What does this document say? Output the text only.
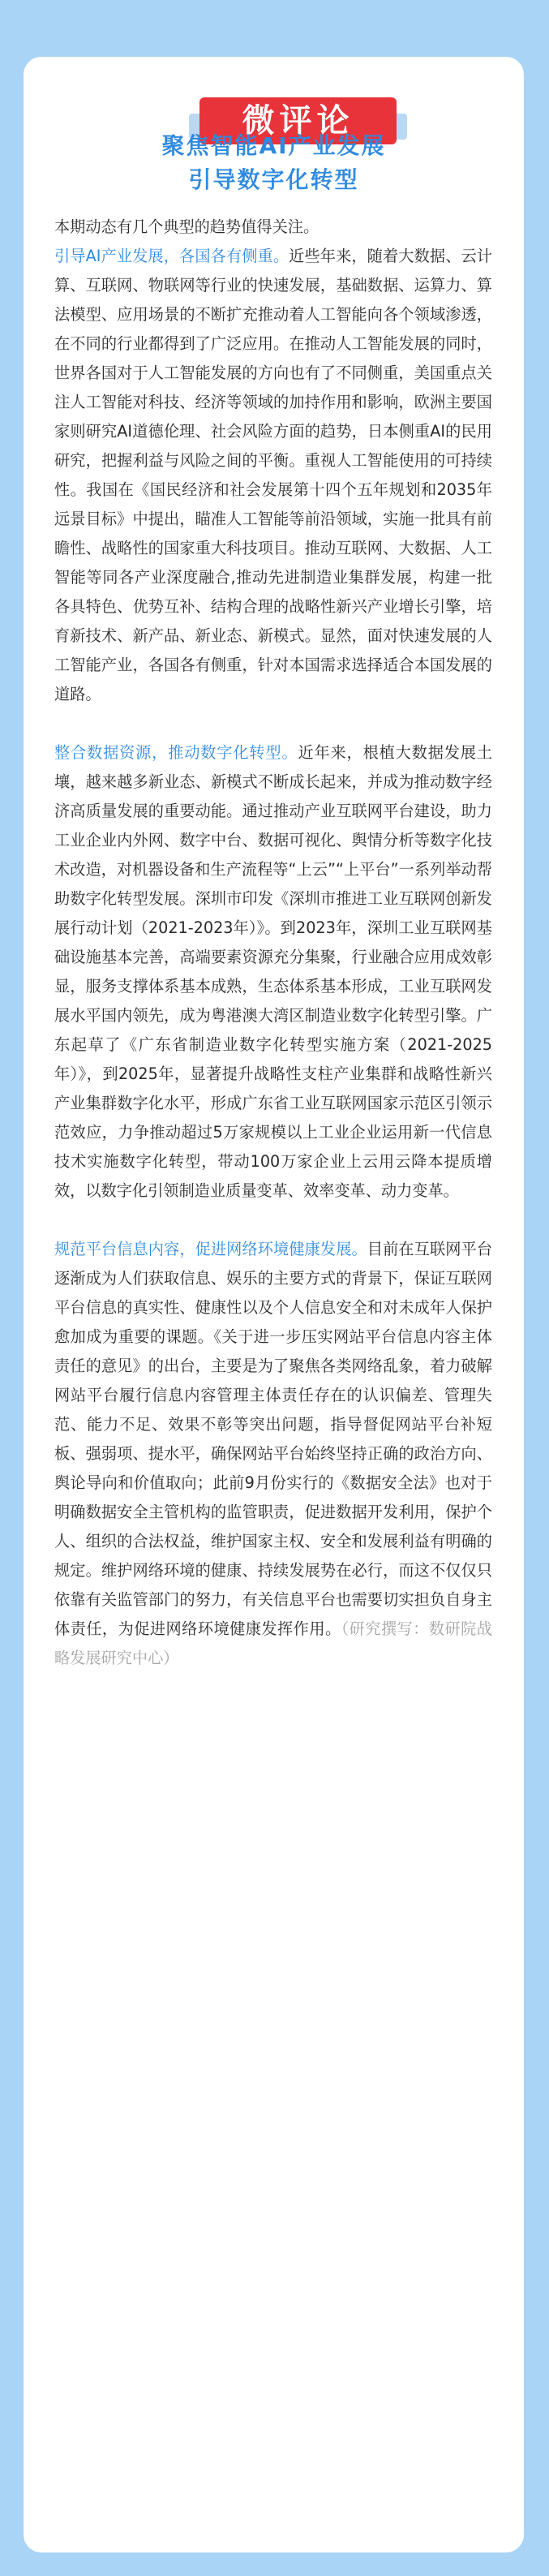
微评论
聚焦智能AI产业发展
引导数字化转型

本期动态有几个典型的趋势值得关注。

引导AI产业发展，各国各有侧重。近些年来，随着大数据、云计算、互联网、物联网等行业的快速发展，基础数据、运算力、算法模型、应用场景的不断扩充推动着人工智能向各个领域渗透，在不同的行业都得到了广泛应用。在推动人工智能发展的同时，世界各国对于人工智能发展的方向也有了不同侧重，美国重点关注人工智能对科技、经济等领域的加持作用和影响，欧洲主要国家则研究AI道德伦理、社会风险方面的趋势，日本侧重AI的民用研究，把握利益与风险之间的平衡。重视人工智能使用的可持续性。我国在《国民经济和社会发展第十四个五年规划和2035年远景目标》中提出，瞄准人工智能等前沿领域，实施一批具有前瞻性、战略性的国家重大科技项目。推动互联网、大数据、人工智能等同各产业深度融合,推动先进制造业集群发展，构建一批各具特色、优势互补、结构合理的战略性新兴产业增长引擎，培育新技术、新产品、新业态、新模式。显然，面对快速发展的人工智能产业，各国各有侧重，针对本国需求选择适合本国发展的道路。

整合数据资源，推动数字化转型。近年来，根植大数据发展土壤，越来越多新业态、新模式不断成长起来，并成为推动数字经济高质量发展的重要动能。通过推动产业互联网平台建设，助力工业企业内外网、数字中台、数据可视化、舆情分析等数字化技术改造，对机器设备和生产流程等“上云”“上平台”一系列举动帮助数字化转型发展。深圳市印发《深圳市推进工业互联网创新发展行动计划（2021-2023年）》。到2023年，深圳工业互联网基础设施基本完善，高端要素资源充分集聚，行业融合应用成效彰显，服务支撑体系基本成熟，生态体系基本形成，工业互联网发展水平国内领先，成为粤港澳大湾区制造业数字化转型引擎。广东起草了《广东省制造业数字化转型实施方案（2021-2025年）》，到2025年，显著提升战略性支柱产业集群和战略性新兴产业集群数字化水平，形成广东省工业互联网国家示范区引领示范效应，力争推动超过5万家规模以上工业企业运用新一代信息技术实施数字化转型，带动100万家企业上云用云降本提质增效，以数字化引领制造业质量变革、效率变革、动力变革。

规范平台信息内容，促进网络环境健康发展。目前在互联网平台逐渐成为人们获取信息、娱乐的主要方式的背景下，保证互联网平台信息的真实性、健康性以及个人信息安全和对未成年人保护愈加成为重要的课题。《关于进一步压实网站平台信息内容主体责任的意见》的出台，主要是为了聚焦各类网络乱象，着力破解网站平台履行信息内容管理主体责任存在的认识偏差、管理失范、能力不足、效果不彰等突出问题，指导督促网站平台补短板、强弱项、提水平，确保网站平台始终坚持正确的政治方向、舆论导向和价值取向；此前9月份实行的《数据安全法》也对于明确数据安全主管机构的监管职责，促进数据开发利用，保护个人、组织的合法权益，维护国家主权、安全和发展利益有明确的规定。维护网络环境的健康、持续发展势在必行，而这不仅仅只依靠有关监管部门的努力，有关信息平台也需要切实担负自身主体责任，为促进网络环境健康发挥作用。（研究撰写：数研院战略发展研究中心）
